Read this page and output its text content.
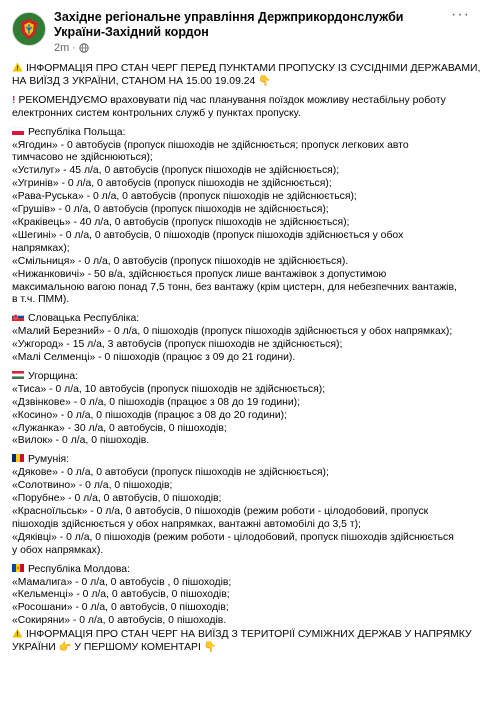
Західне регіональне управління Держприкордонслужби України-Західний кордон
2m ·
···
ІНФОРМАЦІЯ ПРО СТАН ЧЕРГ ПЕРЕД ПУНКТАМИ ПРОПУСКУ ІЗ СУСІДНІМИ ДЕРЖАВАМИ,
НА ВИЇЗД З УКРАЇНИ, СТАНОМ НА 15.00 19.09.24 👇
! РЕКОМЕНДУЄМО враховувати під час планування поїздок можливу нестабільну роботу
електронних систем контрольних служб у пунктах пропуску.
Республіка Польща:
«Ягодин» - 0 автобусів (пропуск пішоходів не здійснюється; пропуск легкових авто
тимчасово не здійснюються);
«Устилуг» - 45 л/а, 0 автобусів (пропуск пішоходів не здійснюється);
«Угринів» - 0 л/а, 0 автобусів (пропуск пішоходів не здійснюється);
«Рава-Руська» - 0 л/а, 0 автобусів (пропуск пішоходів не здійснюється);
«Грушів» - 0 л/а, 0 автобусів (пропуск пішоходів не здійснюється);
«Краківець» - 40 л/а, 0 автобусів (пропуск пішоходів не здійснюється);
«Шегині» - 0 л/а, 0 автобусів, 0 пішоходів (пропуск пішоходів здійснюється у обох
напрямках);
«Смільниця» - 0 л/а, 0 автобусів (пропуск пішоходів не здійснюється).
«Нижанковичі» - 50 в/а, здійснюється пропуск лише вантажівок з допустимою
максимальною вагою понад 7,5 тонн, без вантажу (крім цистерн, для небезпечних вантажів,
в т.ч. ПММ).
Словацька Республіка:
«Малий Березний» - 0 л/а, 0 пішоходів (пропуск пішоходів здійснюється у обох напрямках);
«Ужгород» - 15 л/а, 3 автобусів (пропуск пішоходів не здійснюється);
«Малі Селменці» - 0 пішоходів (працює з 09 до 21 години).
Угорщина:
«Тиса» - 0 л/а, 10 автобусів (пропуск пішоходів не здійснюється);
«Дзвінкове» - 0 л/а, 0 пішоходів (працює з 08 до 19 години);
«Косино» - 0 л/а, 0 пішоходів (працює з 08 до 20 години);
«Лужанка» - 30 л/а, 0 автобусів, 0 пішоходів;
«Вилок» - 0 л/а, 0 пішоходів.
Румунія:
«Дякове» - 0 л/а, 0 автобуси (пропуск пішоходів не здійснюється);
«Солотвино» - 0 л/а, 0 пішоходів;
«Порубне» - 0 л/а, 0 автобусів, 0 пішоходів;
«Красноїльськ» - 0 л/а, 0 автобусів, 0 пішоходів (режим роботи - цілодобовий, пропуск
пішоходів здійснюється у обох напрямках, вантажні автомобілі до 3,5 т);
«Дяківці» - 0 л/а, 0 пішоходів (режим роботи - цілодобовий, пропуск пішоходів здійснюється
у обох напрямках).
Республіка Молдова:
«Мамалига» - 0 л/а, 0 автобусів , 0 пішоходів;
«Кельменці» - 0 л/а, 0 автобусів, 0 пішоходів;
«Росошани» - 0 л/а, 0 автобусів, 0 пішоходів;
«Сокиряни» - 0 л/а, 0 автобусів, 0 пішоходів.
ІНФОРМАЦІЯ ПРО СТАН ЧЕРГ НА ВИЇЗД З ТЕРИТОРІЇ СУМІЖНИХ ДЕРЖАВ У НАПРЯМКУ
УКРАЇНИ 👉 У ПЕРШОМУ КОМЕНТАРІ 👇
